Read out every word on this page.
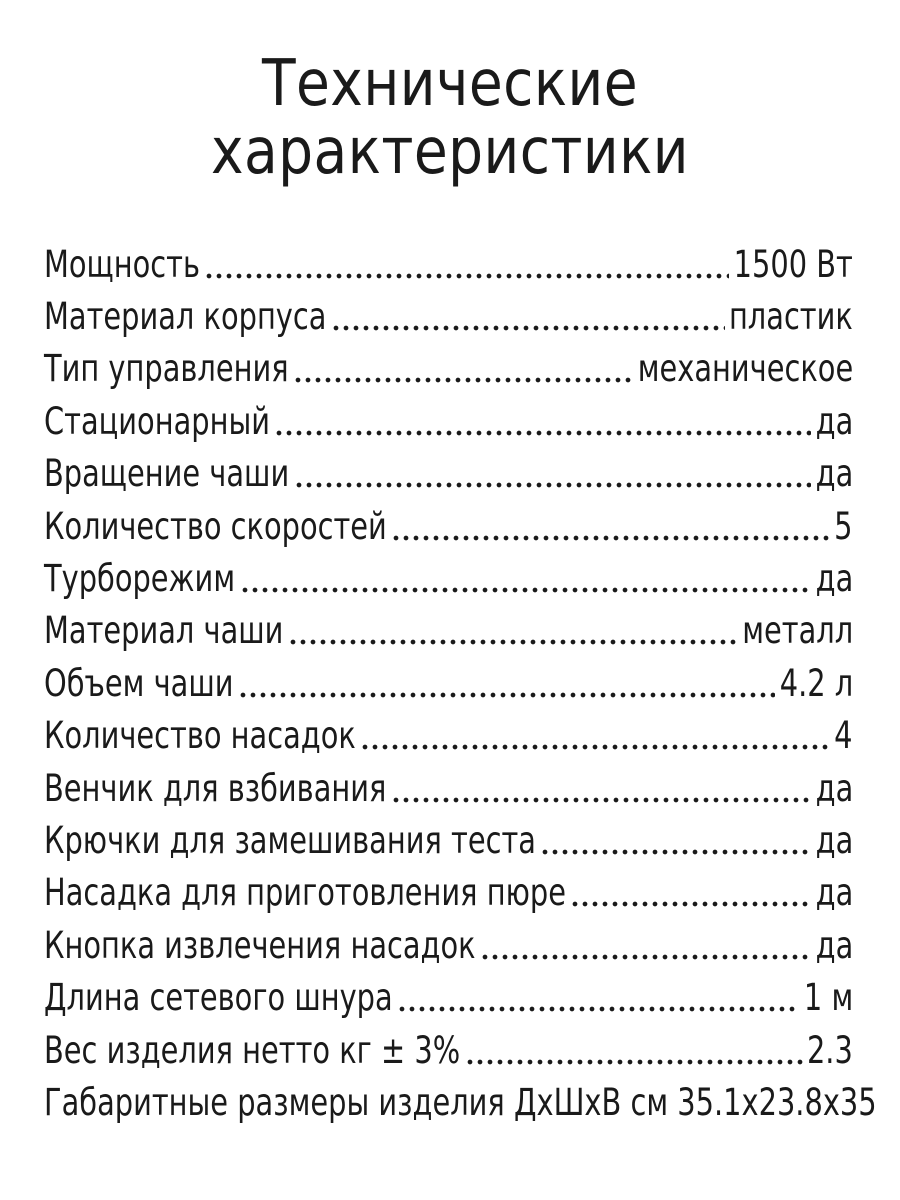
Технические
характеристики
Мощность	1500 Вт
Материал корпуса	пластик
Тип управления	механическое
Стационарный	да
Вращение чаши	да
Количество скоростей	5
Турборежим	да
Материал чаши	металл
Объем чаши	4.2 л
Количество насадок	4
Венчик для взбивания	да
Крючки для замешивания теста	да
Насадка для приготовления пюре	да
Кнопка извлечения насадок	да
Длина сетевого шнура	1 м
Вес изделия нетто кг ± 3%	2.3
Габаритные размеры изделия ДхШхВ см 35.1x23.8x35
